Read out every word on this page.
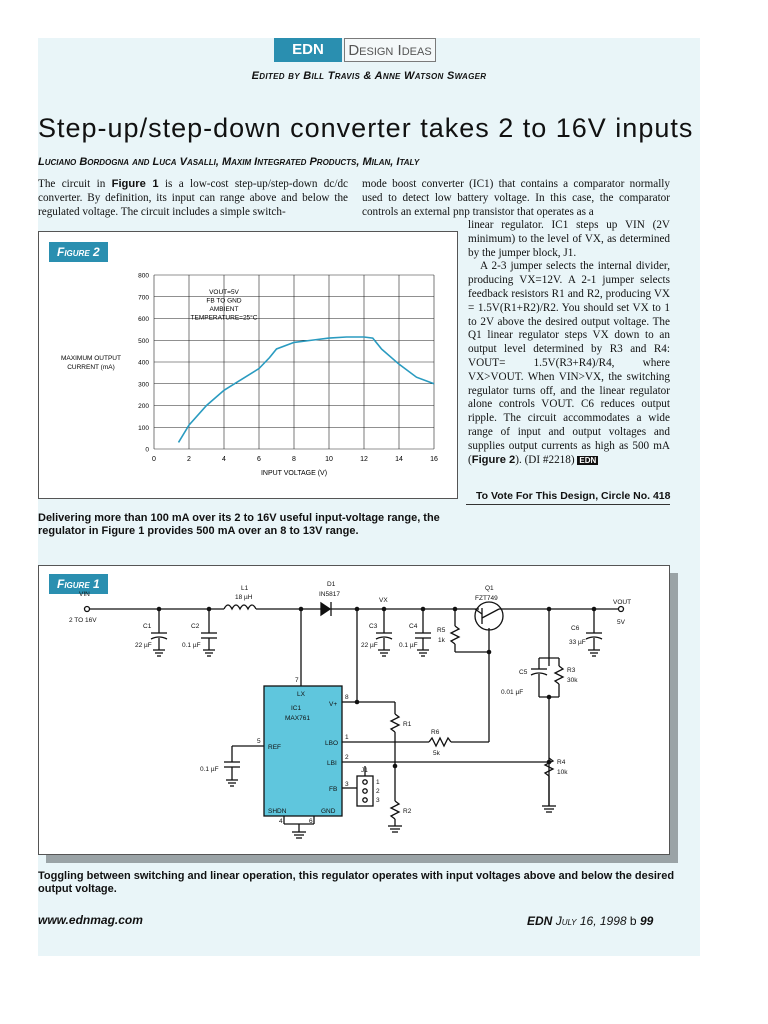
EDN	Design Ideas
Edited by Bill Travis & Anne Watson Swager
Step-up/step-down converter takes 2 to 16V inputs
Luciano Bordogna and Luca Vasalli, Maxim Integrated Products, Milan, Italy
The circuit in Figure 1 is a low-cost step-up/step-down dc/dc converter. By definition, its input can range above and below the regulated voltage. The circuit includes a simple switch-
mode boost converter (IC1) that contains a comparator normally used to detect low battery voltage. In this case, the comparator controls an external pnp transistor that operates as a
linear regulator. IC1 steps up VIN (2V minimum) to the level of VX, as determined by the jumper block, J1.
A 2-3 jumper selects the internal divider, producing VX=12V. A 2-1 jumper selects feedback resistors R1 and R2, producing VX = 1.5V(R1+R2)/R2. You should set VX to 1 to 2V above the desired output voltage. The Q1 linear regulator steps VX down to an output level determined by R3 and R4: VOUT= 1.5V(R3+R4)/R4, where VX>VOUT. When VIN>VX, the switching regulator turns off, and the linear regulator alone controls VOUT. C6 reduces output ripple. The circuit accommodates a wide range of input and output voltages and supplies output currents as high as 500 mA (Figure 2). (DI #2218) EDN
To Vote For This Design, Circle No. 418
Figure 2
0	2	4	6	8	10	12	14	16
0
100
200
300
400
500
600
700
800
INPUT VOLTAGE (V)
MAXIMUM OUTPUT
CURRENT (mA)
VOUT=5V
FB TO GND
AMBIENT
TEMPERATURE=25°C
Delivering more than 100 mA over its 2 to 16V useful input-voltage range, the regulator in Figure 1 provides 500 mA over an 8 to 13V range.
Figure 1
VIN
2 TO 16V
C1
22 µF
C2
0.1 µF
L1
18 µH
D1
IN5817
VX
C3
22 µF
C4
0.1 µF
R5
1k
Q1
FZT749
VOUT
5V
C6
33 µF
C5
0.01 µF
R3
30k
R4
10k
R1
R2
R6
5k
IC1
MAX761
LX
V+
LBO
LBI
REF
FB
SHDN	GND
0.1 µF	J1
7
8
1
5
2
3
4	6
1
2
3
Toggling between switching and linear operation, this regulator operates with input voltages above and below the desired output voltage.
www.ednmag.com	EDN July 16, 1998 b 99
